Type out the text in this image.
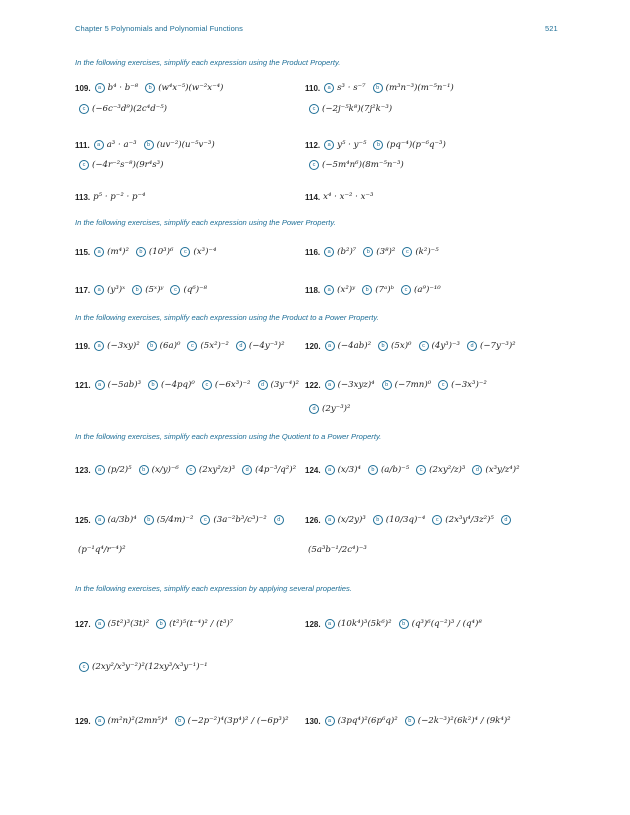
Chapter 5 Polynomials and Polynomial Functions	521
In the following exercises, simplify each expression using the Product Property.
In the following exercises, simplify each expression using the Power Property.
In the following exercises, simplify each expression using the Product to a Power Property.
In the following exercises, simplify each expression using the Quotient to a Power Property.
In the following exercises, simplify each expression by applying several properties.
109.	a b⁴ · b⁻⁸	b (w⁴x⁻⁵)(w⁻²x⁻⁴)
c (−6c⁻³d⁹)(2c⁴d⁻⁵)
110.	a s³ · s⁻⁷	b (m³n⁻³)(m⁻⁵n⁻¹)
c (−2j⁻⁵k⁸)(7j²k⁻³)
111.	a a³ · a⁻³	b (uv⁻²)(u⁻⁵v⁻³)
c (−4r⁻²s⁻⁸)(9r⁴s³)
112.	a y⁵ · y⁻⁵	b (pq⁻⁴)(p⁻⁶q⁻³)
c (−5m⁴n⁶)(8m⁻⁵n⁻³)
113. p⁵ · p⁻² · p⁻⁴	114. x⁴ · x⁻² · x⁻³
115.	a (m⁴)²	b (10³)⁶	c (x³)⁻⁴	116.	a (b²)⁷	b (3⁸)²	c (k²)⁻⁵
117.	a (y³)ˣ	b (5ˣ)ʸ	c (q⁶)⁻⁸	118.	a (x²)ʸ	b (7ᵃ)ᵇ	c (a⁹)⁻¹⁰
119.	a (−3xy)²	b (6a)⁰	c (5x²)⁻²	d (−4y⁻³)²	120.	a (−4ab)²	b (5x)⁰	c (4y³)⁻³	d (−7y⁻³)²
121.	a (−5ab)³	b (−4pq)⁰	c (−6x³)⁻²	d (3y⁻⁴)² 122.	a (−3xyz)⁴	b (−7mn)⁰	c (−3x³)⁻²
d (2y⁻³)²
123.	a (p/2)⁵	b (x/y)⁻⁶	c (2xy²/z)³	d (4p⁻³/q²)² 124.	a (x/3)⁴	b (a/b)⁻⁵	c (2xy²/z)³	d (x³y/z⁴)²
125.	a (a/3b)⁴	b (5/4m)⁻²	c (3a⁻²b³/c³)⁻²	d
(p⁻¹q⁴/r⁻⁴)²
126.	a (x/2y)³	b (10/3q)⁻⁴	c (2x³y⁴/3z²)⁵	d
(5a³b⁻¹/2c⁴)⁻³
127.	a (5t²)³(3t)²	b (t²)⁵(t⁻⁴)² / (t³)⁷
c (2xy²/x³y⁻²)²(12xy³/x³y⁻¹)⁻¹
128.	a (10k⁴)³(5k⁶)²	b (q³)⁶(q⁻²)³ / (q⁴)⁸
129.	a (m²n)²(2mn⁵)⁴	b (−2p⁻²)⁴(3p⁴)² / (−6p³)² 130.	a (3pq⁴)²(6p⁶q)²	b (−2k⁻³)²(6k²)⁴ / (9k⁴)²
